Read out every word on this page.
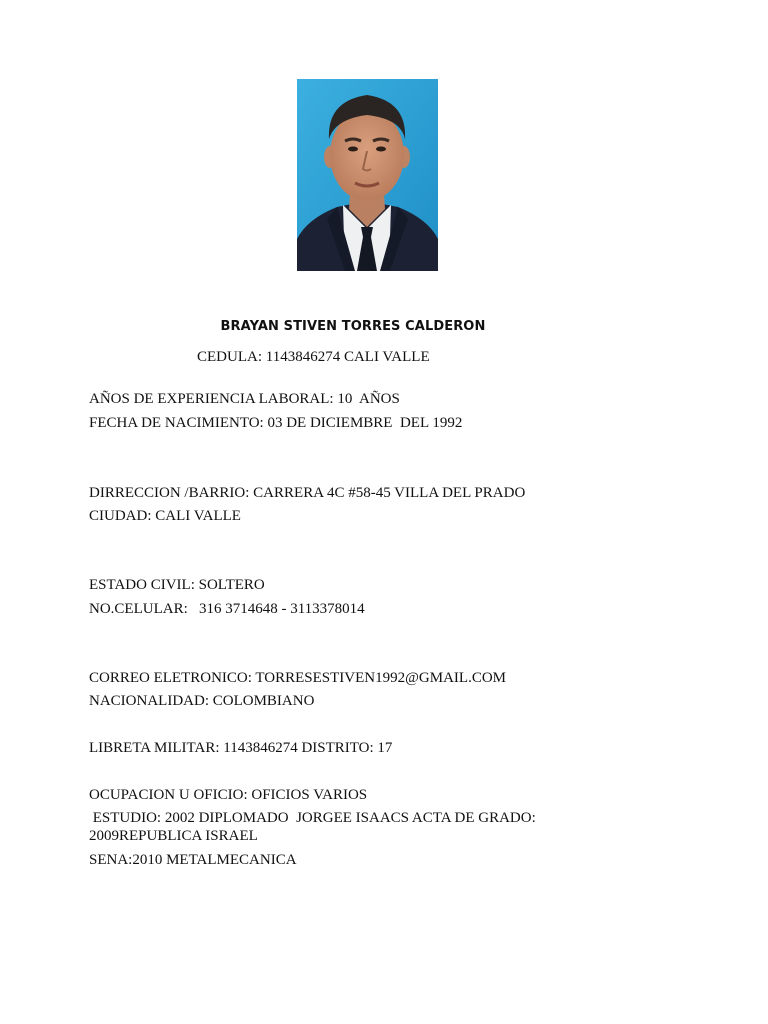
BRAYAN STIVEN TORRES CALDERON
CEDULA: 1143846274 CALI VALLE
AÑOS DE EXPERIENCIA LABORAL: 10  AÑOS
FECHA DE NACIMIENTO: 03 DE DICIEMBRE  DEL 1992
DIRRECCION /BARRIO: CARRERA 4C #58-45 VILLA DEL PRADO
CIUDAD: CALI VALLE
ESTADO CIVIL: SOLTERO
NO.CELULAR:   316 3714648 - 3113378014
CORREO ELETRONICO: TORRESESTIVEN1992@GMAIL.COM
NACIONALIDAD: COLOMBIANO
LIBRETA MILITAR: 1143846274 DISTRITO: 17
OCUPACION U OFICIO: OFICIOS VARIOS
ESTUDIO: 2002 DIPLOMADO  JORGEE ISAACS ACTA DE GRADO: 2009REPUBLICA ISRAEL
SENA:2010 METALMECANICA
